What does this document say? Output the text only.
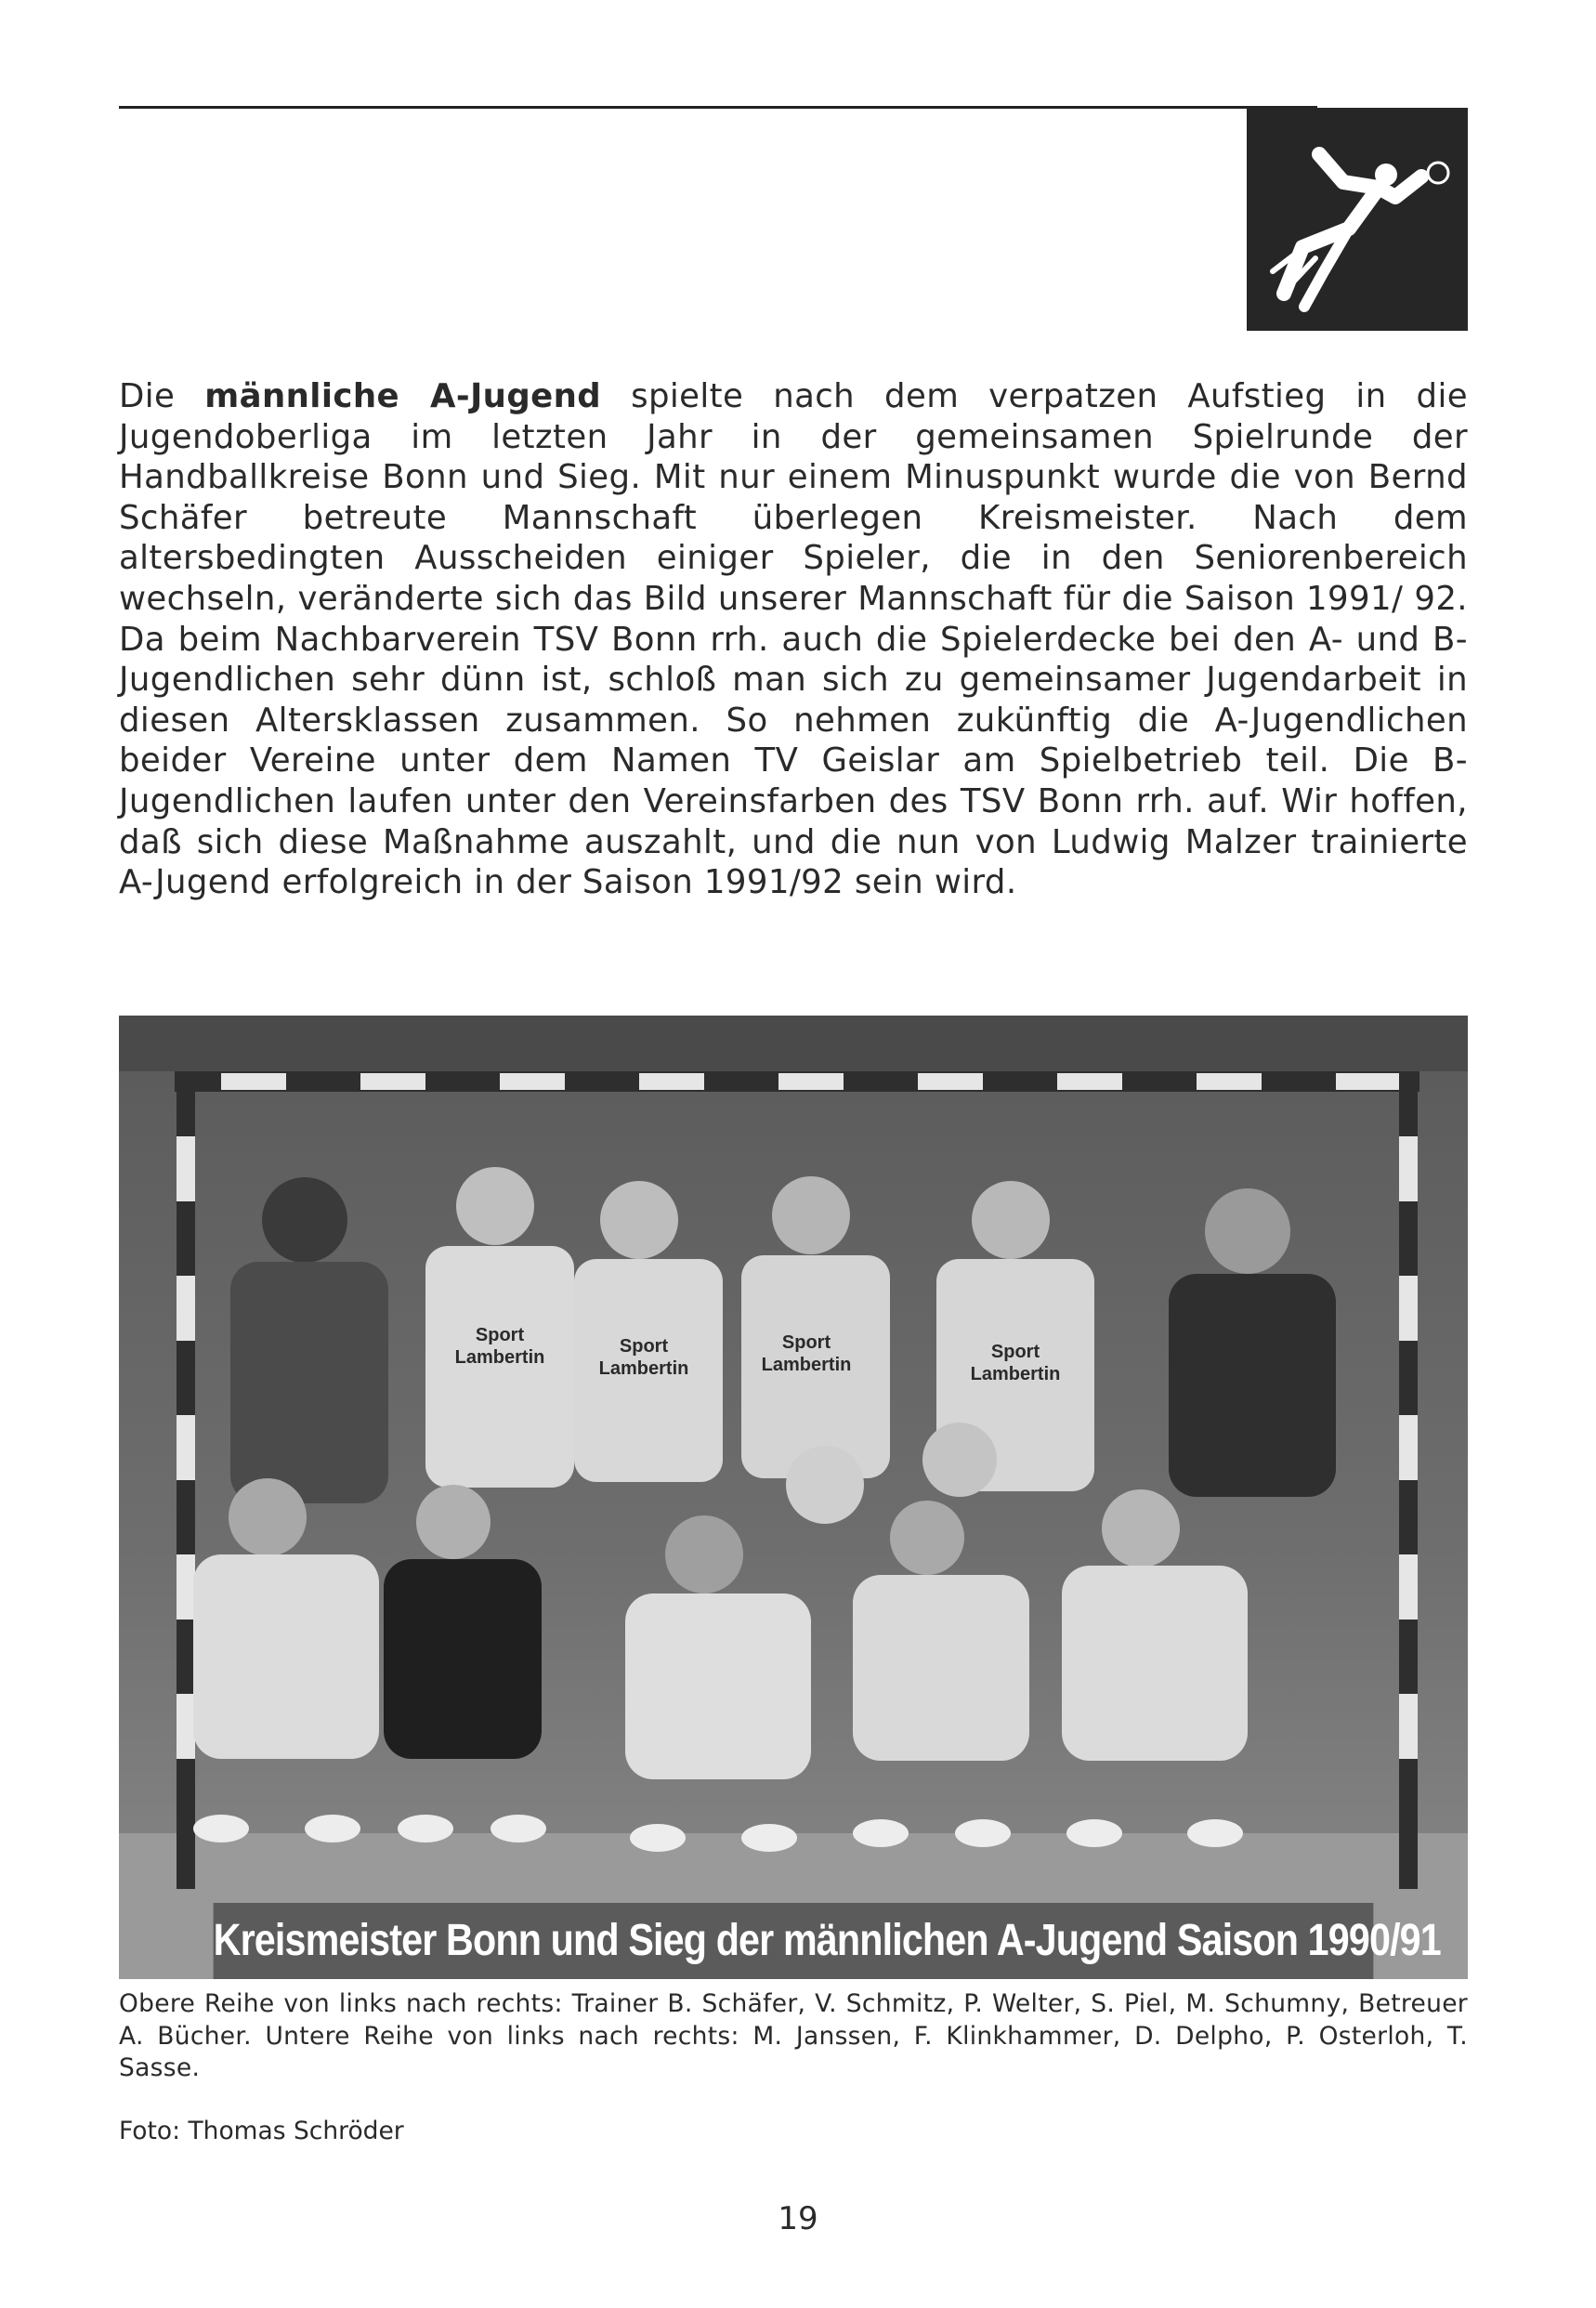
Die männliche A-Jugend spielte nach dem verpatzen Aufstieg in die Jugendoberliga im letzten Jahr in der gemeinsamen Spielrunde der Handballkreise Bonn und Sieg. Mit nur einem Minuspunkt wurde die von Bernd Schäfer betreute Mannschaft überlegen Kreismeister. Nach dem altersbedingten Ausscheiden einiger Spieler, die in den Seniorenbereich wechseln, veränderte sich das Bild unserer Mannschaft für die Saison 1991/ 92. Da beim Nachbarverein TSV Bonn rrh. auch die Spielerdecke bei den A- und B-Jugendlichen sehr dünn ist, schloß man sich zu gemeinsamer Jugendarbeit in diesen Altersklassen zusammen. So nehmen zukünftig die A-Jugendlichen beider Vereine unter dem Namen TV Geislar am Spielbetrieb teil. Die B-Jugendlichen laufen unter den Vereinsfarben des TSV Bonn rrh. auf. Wir hoffen, daß sich diese Maßnahme auszahlt, und die nun von Ludwig Malzer trainierte A-Jugend erfolgreich in der Saison 1991/92 sein wird.
Sport
Lambertin
Sport
Lambertin
Sport
Lambertin
Sport
Lambertin
Kreismeister Bonn und Sieg der männlichen A-Jugend Saison 1990/91
Obere Reihe von links nach rechts: Trainer B. Schäfer, V. Schmitz, P. Welter, S. Piel, M. Schumny, Betreuer A. Bücher. Untere Reihe von links nach rechts: M. Janssen, F. Klinkhammer, D. Delpho, P. Osterloh, T. Sasse.
Foto: Thomas Schröder
19
